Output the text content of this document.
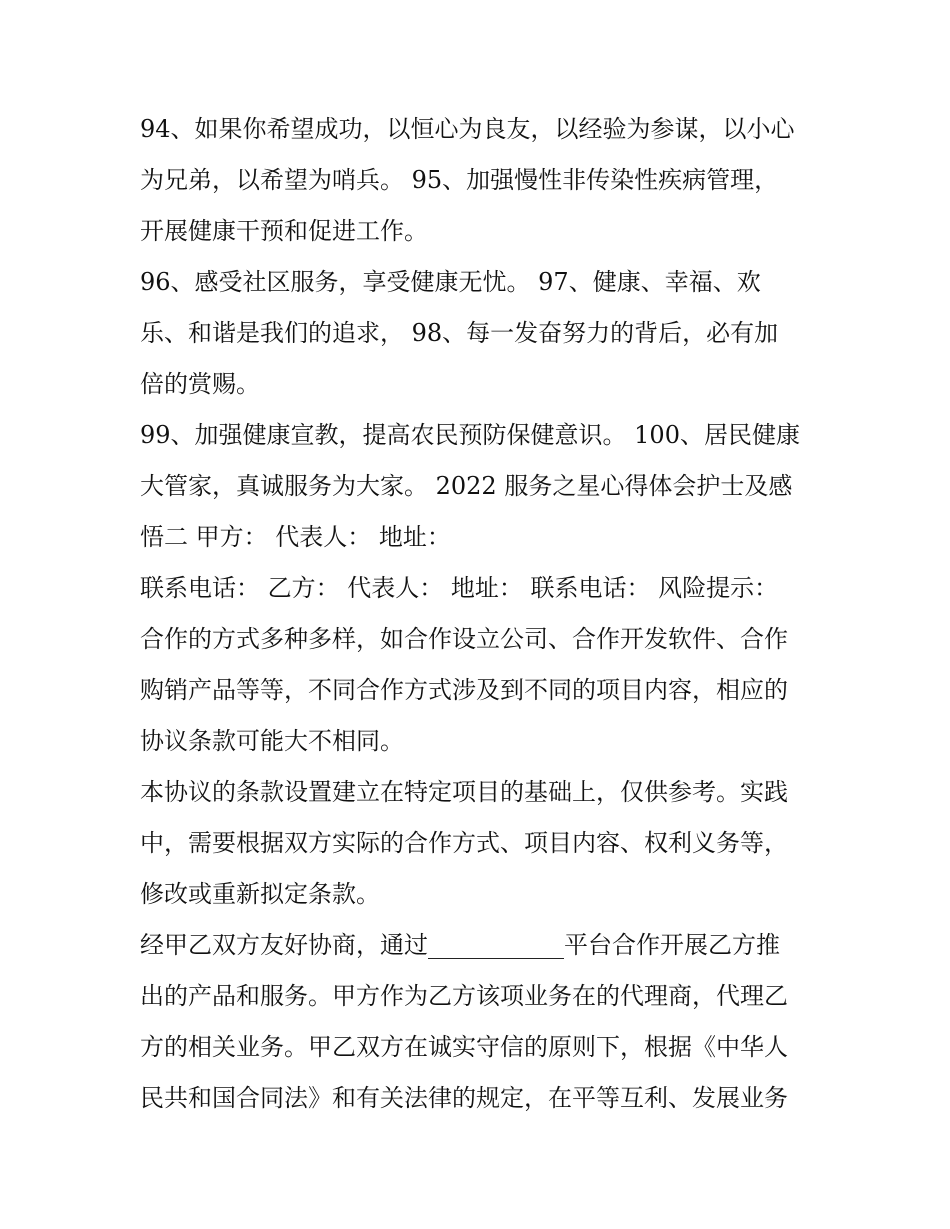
94、如果你希望成功，以恒心为良友，以经验为参谋，以小心
为兄弟，以希望为哨兵。 95、加强慢性非传染性疾病管理，
开展健康干预和促进工作。
96、感受社区服务，享受健康无忧。 97、健康、幸福、欢
乐、和谐是我们的追求， 98、每一发奋努力的背后，必有加
倍的赏赐。
99、加强健康宣教，提高农民预防保健意识。 100、居民健康
大管家，真诚服务为大家。 2022 服务之星心得体会护士及感
悟二 甲方： 代表人： 地址：
联系电话： 乙方： 代表人： 地址： 联系电话： 风险提示：
合作的方式多种多样，如合作设立公司、合作开发软件、合作
购销产品等等，不同合作方式涉及到不同的项目内容，相应的
协议条款可能大不相同。
本协议的条款设置建立在特定项目的基础上，仅供参考。实践
中，需要根据双方实际的合作方式、项目内容、权利义务等，
修改或重新拟定条款。
经甲乙双方友好协商，通过	平台合作开展乙方推
出的产品和服务。甲方作为乙方该项业务在的代理商，代理乙
方的相关业务。甲乙双方在诚实守信的原则下，根据《中华人
民共和国合同法》和有关法律的规定，在平等互利、发展业务
